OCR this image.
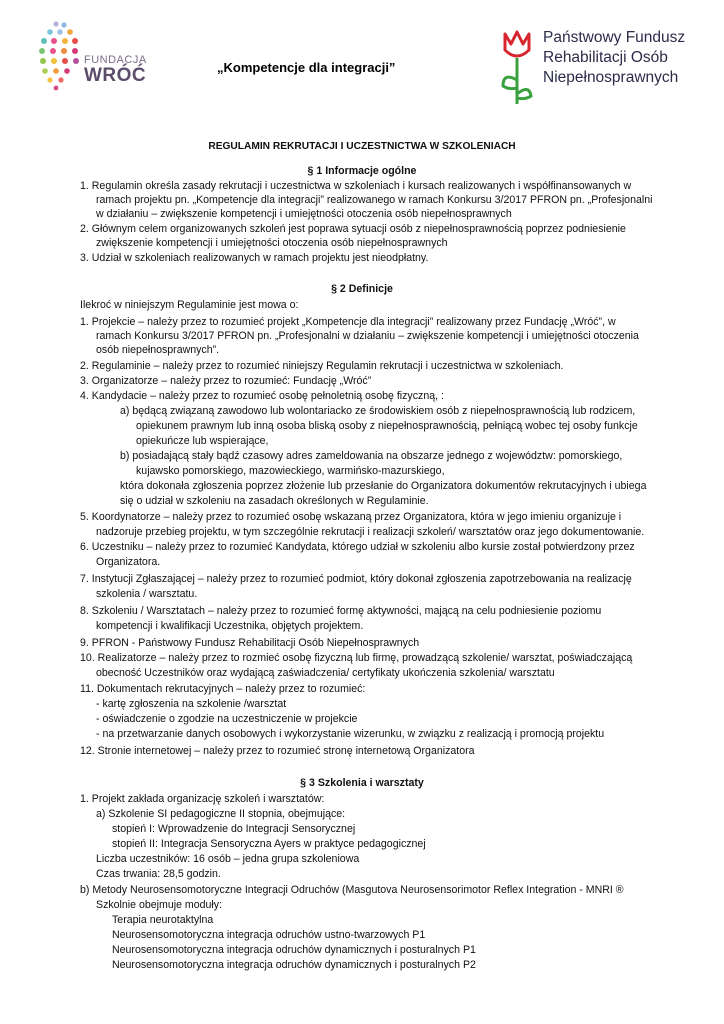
FUNDACJA
WRÓĆ	„Kompetencje dla integracji”
Państwowy Fundusz
Rehabilitacji Osób
Niepełnosprawnych
REGULAMIN REKRUTACJI I UCZESTNICTWA W SZKOLENIACH
§ 1 Informacje ogólne
1. Regulamin określa zasady rekrutacji i uczestnictwa w szkoleniach i kursach realizowanych i współfinansowanych w
ramach projektu pn. „Kompetencje dla integracji” realizowanego w ramach Konkursu 3/2017 PFRON pn. „Profesjonalni
w działaniu – zwiększenie kompetencji i umiejętności otoczenia osób niepełnosprawnych
2. Głównym celem organizowanych szkoleń jest poprawa sytuacji osób z niepełnosprawnością poprzez podniesienie
zwiększenie kompetencji i umiejętności otoczenia osób niepełnosprawnych
3. Udział w szkoleniach realizowanych w ramach projektu jest nieodpłatny.
§ 2 Definicje
Ilekroć w niniejszym Regulaminie jest mowa o:
1. Projekcie – należy przez to rozumieć projekt „Kompetencje dla integracji” realizowany przez Fundację „Wróć”, w
ramach Konkursu 3/2017 PFRON pn. „Profesjonalni w działaniu – zwiększenie kompetencji i umiejętności otoczenia
osób niepełnosprawnych”.
2. Regulaminie – należy przez to rozumieć niniejszy Regulamin rekrutacji i uczestnictwa w szkoleniach.
3. Organizatorze – należy przez to rozumieć: Fundację „Wróć”
4. Kandydacie – należy przez to rozumieć osobę pełnoletnią osobę fizyczną, :
a) będącą związaną zawodowo lub wolontariacko ze środowiskiem osób z niepełnosprawnością lub rodzicem,
opiekunem prawnym lub inną osoba bliską osoby z niepełnosprawnością, pełniącą wobec tej osoby funkcje
opiekuńcze lub wspierające,
b) posiadającą stały bądź czasowy adres zameldowania na obszarze jednego z województw: pomorskiego,
kujawsko pomorskiego, mazowieckiego, warmińsko-mazurskiego,
która dokonała zgłoszenia poprzez złożenie lub przesłanie do Organizatora dokumentów rekrutacyjnych i ubiega
się o udział w szkoleniu na zasadach określonych w Regulaminie.
5. Koordynatorze – należy przez to rozumieć osobę wskazaną przez Organizatora, która w jego imieniu organizuje i
nadzoruje przebieg projektu, w tym szczególnie rekrutacji i realizacji szkoleń/ warsztatów oraz jego dokumentowanie.
6. Uczestniku – należy przez to rozumieć Kandydata, którego udział w szkoleniu albo kursie został potwierdzony przez
Organizatora.
7. Instytucji Zgłaszającej – należy przez to rozumieć podmiot, który dokonał zgłoszenia zapotrzebowania na realizację
szkolenia / warsztatu.
8. Szkoleniu / Warsztatach – należy przez to rozumieć formę aktywności, mającą na celu podniesienie poziomu
kompetencji i kwalifikacji Uczestnika, objętych projektem.
9. PFRON - Państwowy Fundusz Rehabilitacji Osób Niepełnosprawnych
10. Realizatorze – należy przez to rozmieć osobę fizyczną lub firmę, prowadzącą szkolenie/ warsztat, poświadczającą
obecność Uczestników oraz wydającą zaświadczenia/ certyfikaty ukończenia szkolenia/ warsztatu
11. Dokumentach rekrutacyjnych – należy przez to rozumieć:
- kartę zgłoszenia na szkolenie /warsztat
- oświadczenie o zgodzie na uczestniczenie w projekcie
- na przetwarzanie danych osobowych i wykorzystanie wizerunku, w związku z realizacją i promocją projektu
12. Stronie internetowej – należy przez to rozumieć stronę internetową Organizatora
§ 3 Szkolenia i warsztaty
1. Projekt zakłada organizację szkoleń i warsztatów:
a) Szkolenie SI pedagogiczne II stopnia, obejmujące:
stopień I: Wprowadzenie do Integracji Sensorycznej
stopień II: Integracja Sensoryczna Ayers w praktyce pedagogicznej
Liczba uczestników: 16 osób – jedna grupa szkoleniowa
Czas trwania: 28,5 godzin.
b) Metody Neurosensomotoryczne Integracji Odruchów (Masgutova Neurosensorimotor Reflex Integration - MNRI ®
Szkolnie obejmuje moduły:
Terapia neurotaktylna
Neurosensomotoryczna integracja odruchów ustno-twarzowych P1
Neurosensomotoryczna integracja odruchów dynamicznych i posturalnych P1
Neurosensomotoryczna integracja odruchów dynamicznych i posturalnych P2
